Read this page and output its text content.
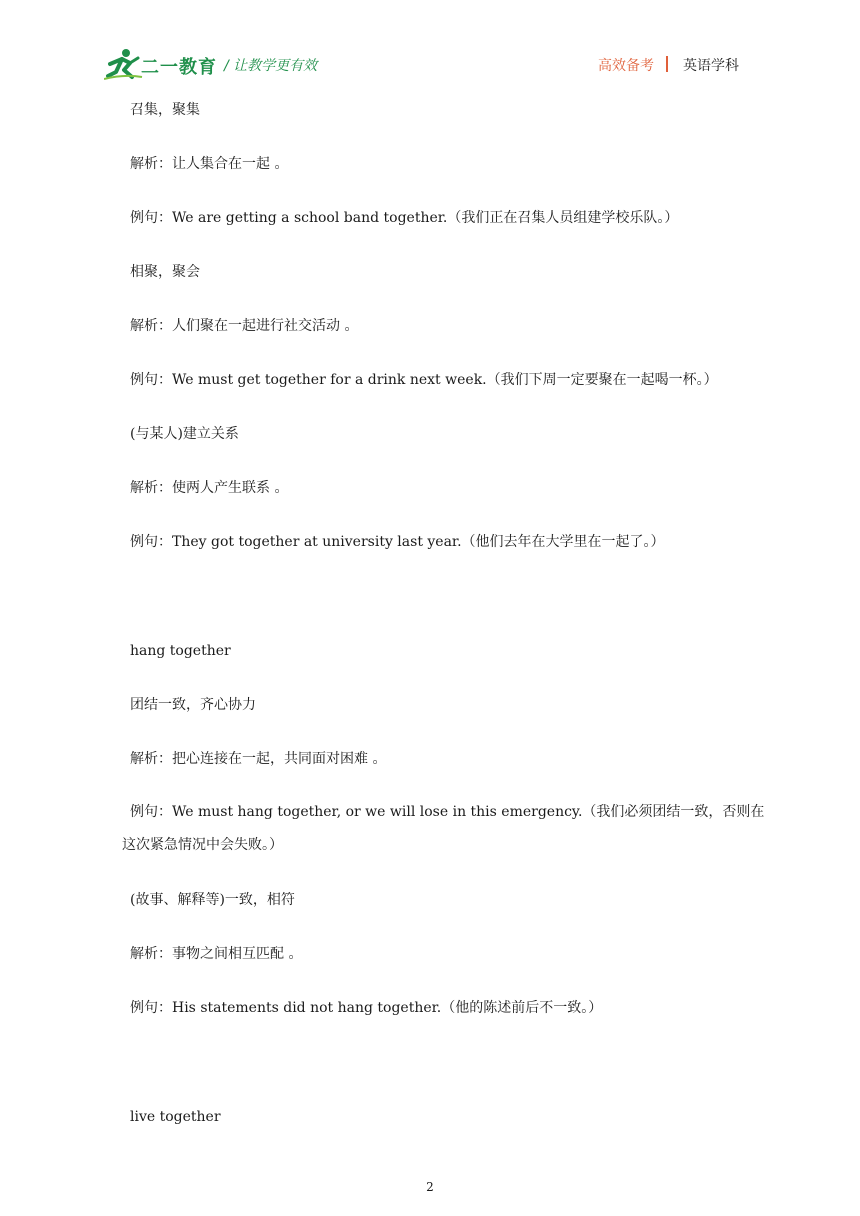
二一教育 / 让教学更有效	高效备考 英语学科
召集，聚集
解析：让人集合在一起 。
例句：We are getting a school band together.（我们正在召集人员组建学校乐队。）
相聚，聚会
解析：人们聚在一起进行社交活动 。
例句：We must get together for a drink next week.（我们下周一定要聚在一起喝一杯。）
(与某人)建立关系
解析：使两人产生联系 。
例句：They got together at university last year.（他们去年在大学里在一起了。）
hang together
团结一致，齐心协力
解析：把心连接在一起，共同面对困难 。
例句：We must hang together, or we will lose in this emergency.（我们必须团结一致，否则在这次紧急情况中会失败。）
(故事、解释等)一致，相符
解析：事物之间相互匹配 。
例句：His statements did not hang together.（他的陈述前后不一致。）
live together
2
